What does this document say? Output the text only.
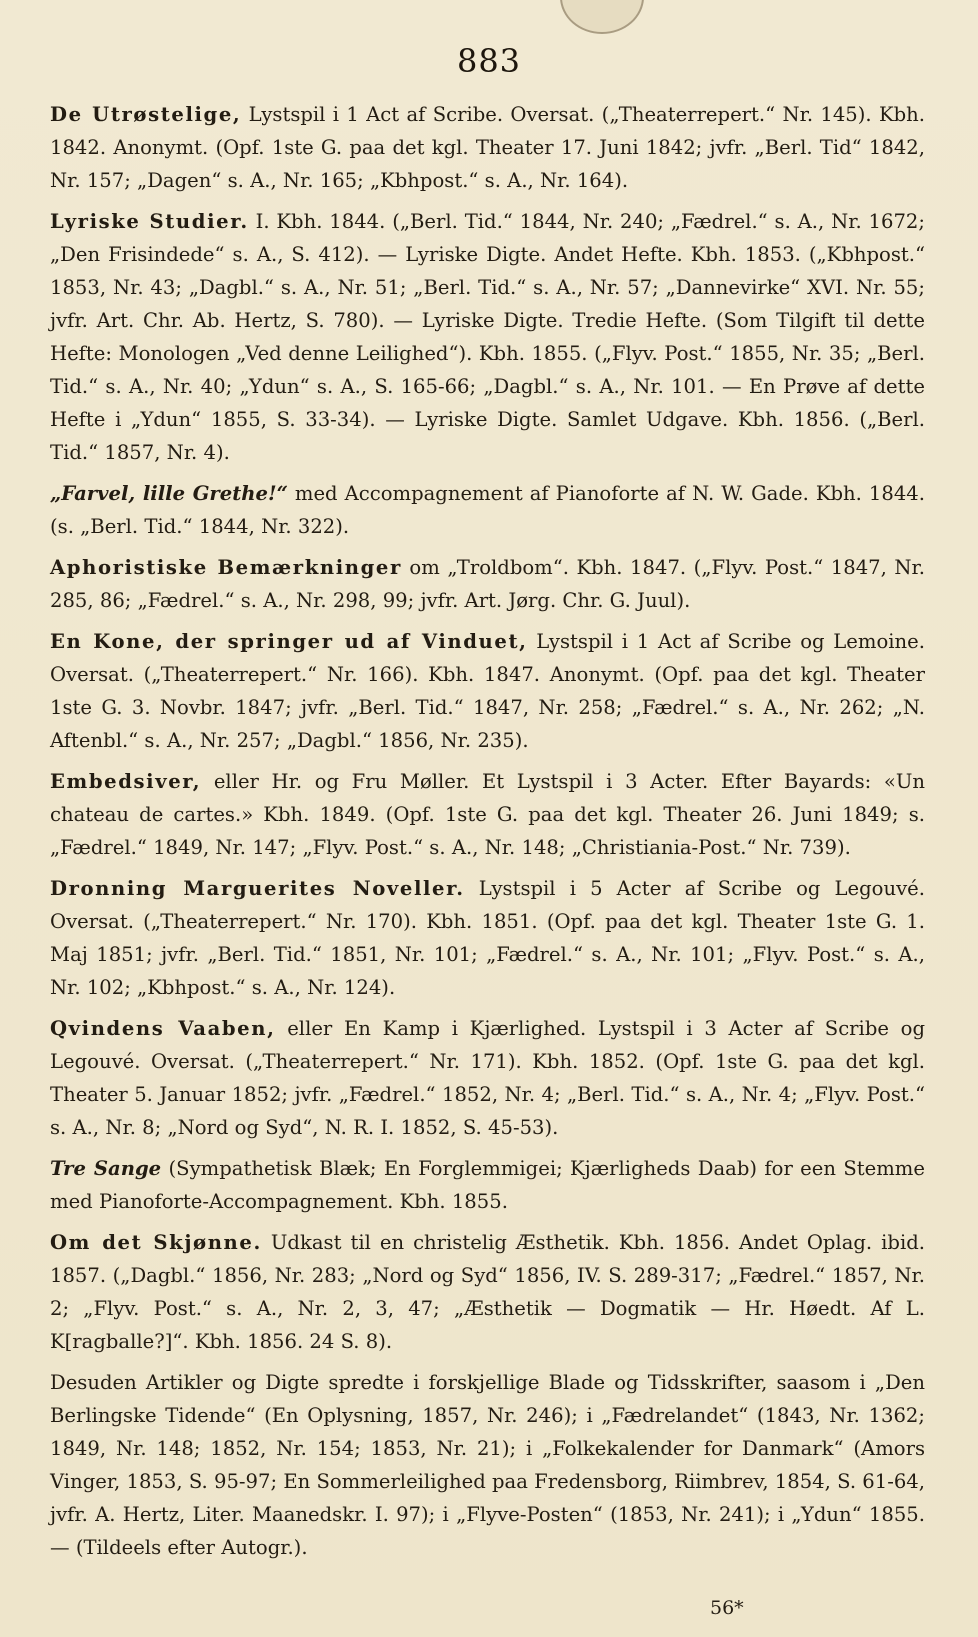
883

De Utrøstelige, Lystspil i 1 Act af Scribe. Oversat. („Theaterrepert.“ Nr. 145). Kbh. 1842. Anonymt. (Opf. 1ste G. paa det kgl. Theater 17. Juni 1842; jvfr. „Berl. Tid“ 1842, Nr. 157; „Dagen“ s. A., Nr. 165; „Kbhpost.“ s. A., Nr. 164).

Lyriske Studier. I. Kbh. 1844. („Berl. Tid.“ 1844, Nr. 240; „Fædrel.“ s. A., Nr. 1672; „Den Frisindede“ s. A., S. 412). — Lyriske Digte. Andet Hefte. Kbh. 1853. („Kbhpost.“ 1853, Nr. 43; „Dagbl.“ s. A., Nr. 51; „Berl. Tid.“ s. A., Nr. 57; „Dannevirke“ XVI. Nr. 55; jvfr. Art. Chr. Ab. Hertz, S. 780). — Lyriske Digte. Tredie Hefte. (Som Tilgift til dette Hefte: Monologen „Ved denne Leilighed“). Kbh. 1855. („Flyv. Post.“ 1855, Nr. 35; „Berl. Tid.“ s. A., Nr. 40; „Ydun“ s. A., S. 165-66; „Dagbl.“ s. A., Nr. 101. — En Prøve af dette Hefte i „Ydun“ 1855, S. 33-34). — Lyriske Digte. Samlet Udgave. Kbh. 1856. („Berl. Tid.“ 1857, Nr. 4).

„Farvel, lille Grethe!“ med Accompagnement af Pianoforte af N. W. Gade. Kbh. 1844. (s. „Berl. Tid.“ 1844, Nr. 322).

Aphoristiske Bemærkninger om „Troldbom“. Kbh. 1847. („Flyv. Post.“ 1847, Nr. 285, 86; „Fædrel.“ s. A., Nr. 298, 99; jvfr. Art. Jørg. Chr. G. Juul).

En Kone, der springer ud af Vinduet, Lystspil i 1 Act af Scribe og Lemoine. Oversat. („Theaterrepert.“ Nr. 166). Kbh. 1847. Anonymt. (Opf. paa det kgl. Theater 1ste G. 3. Novbr. 1847; jvfr. „Berl. Tid.“ 1847, Nr. 258; „Fædrel.“ s. A., Nr. 262; „N. Aftenbl.“ s. A., Nr. 257; „Dagbl.“ 1856, Nr. 235).

Embedsiver, eller Hr. og Fru Møller. Et Lystspil i 3 Acter. Efter Bayards: «Un chateau de cartes.» Kbh. 1849. (Opf. 1ste G. paa det kgl. Theater 26. Juni 1849; s. „Fædrel.“ 1849, Nr. 147; „Flyv. Post.“ s. A., Nr. 148; „Christiania-Post.“ Nr. 739).

Dronning Marguerites Noveller. Lystspil i 5 Acter af Scribe og Legouvé. Oversat. („Theaterrepert.“ Nr. 170). Kbh. 1851. (Opf. paa det kgl. Theater 1ste G. 1. Maj 1851; jvfr. „Berl. Tid.“ 1851, Nr. 101; „Fædrel.“ s. A., Nr. 101; „Flyv. Post.“ s. A., Nr. 102; „Kbhpost.“ s. A., Nr. 124).

Qvindens Vaaben, eller En Kamp i Kjærlighed. Lystspil i 3 Acter af Scribe og Legouvé. Oversat. („Theaterrepert.“ Nr. 171). Kbh. 1852. (Opf. 1ste G. paa det kgl. Theater 5. Januar 1852; jvfr. „Fædrel.“ 1852, Nr. 4; „Berl. Tid.“ s. A., Nr. 4; „Flyv. Post.“ s. A., Nr. 8; „Nord og Syd“, N. R. I. 1852, S. 45-53).

Tre Sange (Sympathetisk Blæk; En Forglemmigei; Kjærligheds Daab) for een Stemme med Pianoforte-Accompagnement. Kbh. 1855.

Om det Skjønne. Udkast til en christelig Æsthetik. Kbh. 1856. Andet Oplag. ibid. 1857. („Dagbl.“ 1856, Nr. 283; „Nord og Syd“ 1856, IV. S. 289-317; „Fædrel.“ 1857, Nr. 2; „Flyv. Post.“ s. A., Nr. 2, 3, 47; „Æsthetik — Dogmatik — Hr. Høedt. Af L. K[ragballe?]“. Kbh. 1856. 24 S. 8).

Desuden Artikler og Digte spredte i forskjellige Blade og Tidsskrifter, saasom i „Den Berlingske Tidende“ (En Oplysning, 1857, Nr. 246); i „Fædrelandet“ (1843, Nr. 1362; 1849, Nr. 148; 1852, Nr. 154; 1853, Nr. 21); i „Folkekalender for Danmark“ (Amors Vinger, 1853, S. 95-97; En Sommerleilighed paa Fredensborg, Riimbrev, 1854, S. 61-64, jvfr. A. Hertz, Liter. Maanedskr. I. 97); i „Flyve-Posten“ (1853, Nr. 241); i „Ydun“ 1855. — (Tildeels efter Autogr.).

56*
